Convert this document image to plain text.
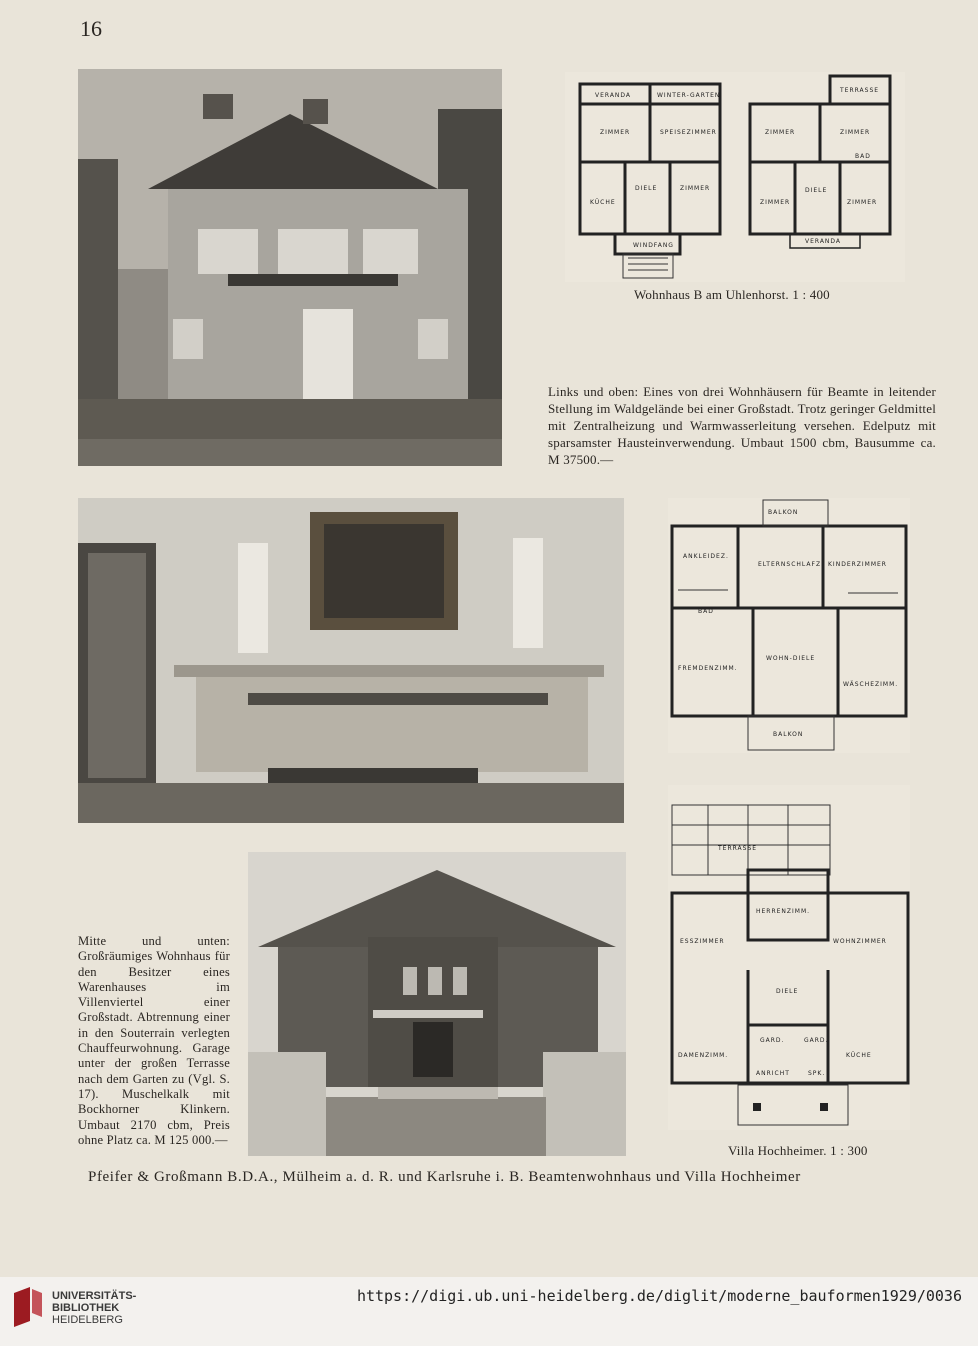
16
VERANDA	WINTER-GARTEN
ZIMMER	SPEISEZIMMER
KÜCHE
DIELE	ZIMMER
WINDFANG
TERRASSE
ZIMMER	ZIMMER
BAD
ZIMMER
DIELE
ZIMMER
VERANDA
Wohnhaus B am Uhlenhorst. 1 : 400
Links und oben: Eines von drei Wohnhäusern für Beamte in leitender Stellung im Waldgelände bei einer Großstadt. Trotz geringer Geldmittel mit Zentralheizung und Warmwasserleitung versehen. Edelputz mit sparsamster Hausteinverwendung. Umbaut 1500 cbm, Bausumme ca. M 37500.—
BALKON
ANKLEIDEZ.
ELTERNSCHLAFZ. KINDERZIMMER
BAD
FREMDENZIMM.
WOHN-DIELE
WÄSCHEZIMM.
BALKON
TERRASSE
HERRENZIMM.
ESSZIMMER	WOHNZIMMER
DIELE
GARD.	GARD.
DAMENZIMM.	KÜCHE
ANRICHT	SPK.
Villa Hochheimer. 1 : 300
Mitte und unten: Großräumiges Wohnhaus für den Besitzer eines Warenhauses im Villenviertel einer Großstadt. Abtrennung einer in den Souterrain verlegten Chauffeurwohnung. Garage unter der großen Terrasse nach dem Garten zu (Vgl. S. 17). Muschelkalk mit Bockhorner Klinkern. Umbaut 2170 cbm, Preis ohne Platz ca. M 125 000.—
Pfeifer & Großmann B.D.A., Mülheim a. d. R. und Karlsruhe i. B. Beamtenwohnhaus und Villa Hochheimer
UNIVERSITÄTS-
BIBLIOTHEK
HEIDELBERG
https://digi.ub.uni-heidelberg.de/diglit/moderne_bauformen1929/0036
